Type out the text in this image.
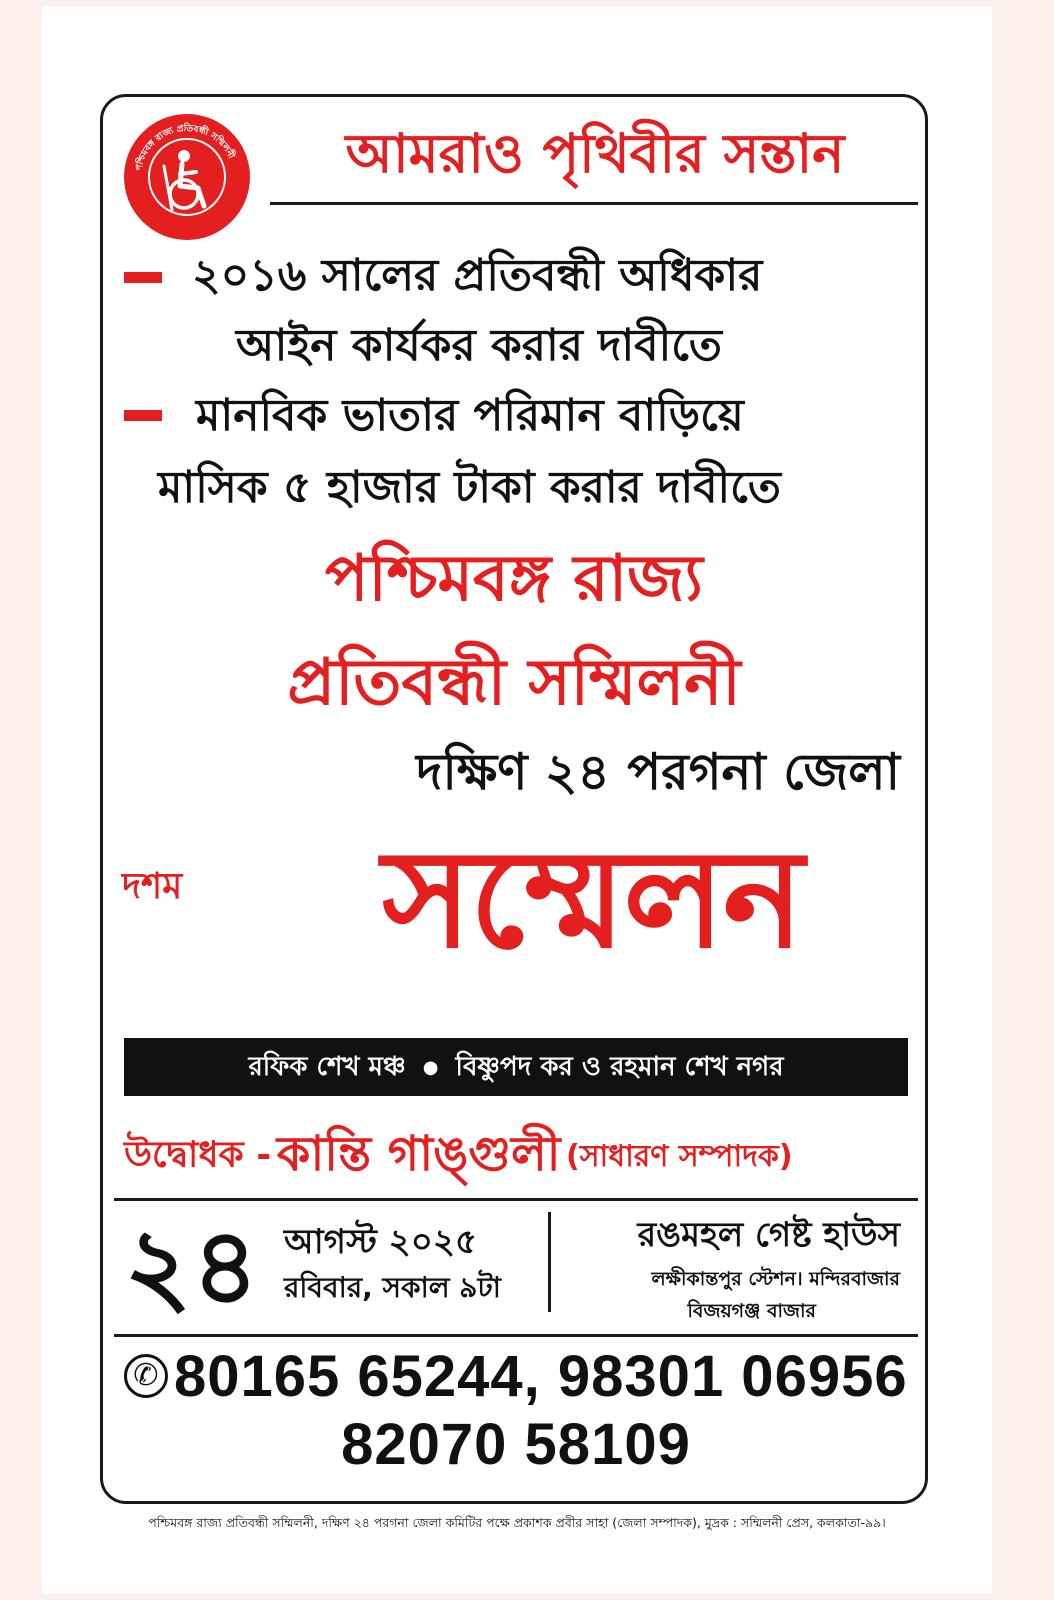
পশ্চিমবঙ্গ রাজ্য প্রতিবন্ধী সম্মিলনী	আমরাও পৃথিবীর সন্তান
২০১৬ সালের প্রতিবন্ধী অধিকার
আইন কার্যকর করার দাবীতে
মানবিক ভাতার পরিমান বাড়িয়ে
মাসিক ৫ হাজার টাকা করার দাবীতে
পশ্চিমবঙ্গ রাজ্য
প্রতিবন্ধী সম্মিলনী
দক্ষিণ ২৪ পরগনা জেলা
দশম	সম্মেলন
রফিক শেখ মঞ্চ ● বিষ্ণুপদ কর ও রহমান শেখ নগর
উদ্বোধক - কান্তি গাঙ্গুলী (সাধারণ সম্পাদক)
২৪ আগস্ট ২০২৫
রবিবার, সকাল ৯টা
রঙমহল গেষ্ট হাউস
লক্ষীকান্তপুর স্টেশন। মন্দিরবাজার
বিজয়গঞ্জ বাজার
✆ 80165 65244, 98301 06956
82070 58109
পশ্চিমবঙ্গ রাজ্য প্রতিবন্ধী সম্মিলনী, দক্ষিণ ২৪ পরগনা জেলা কমিটির পক্ষে প্রকাশক প্রবীর সাহা (জেলা সম্পাদক), মুদ্রক : সম্মিলনী প্রেস, কলকাতা-৯৯।
